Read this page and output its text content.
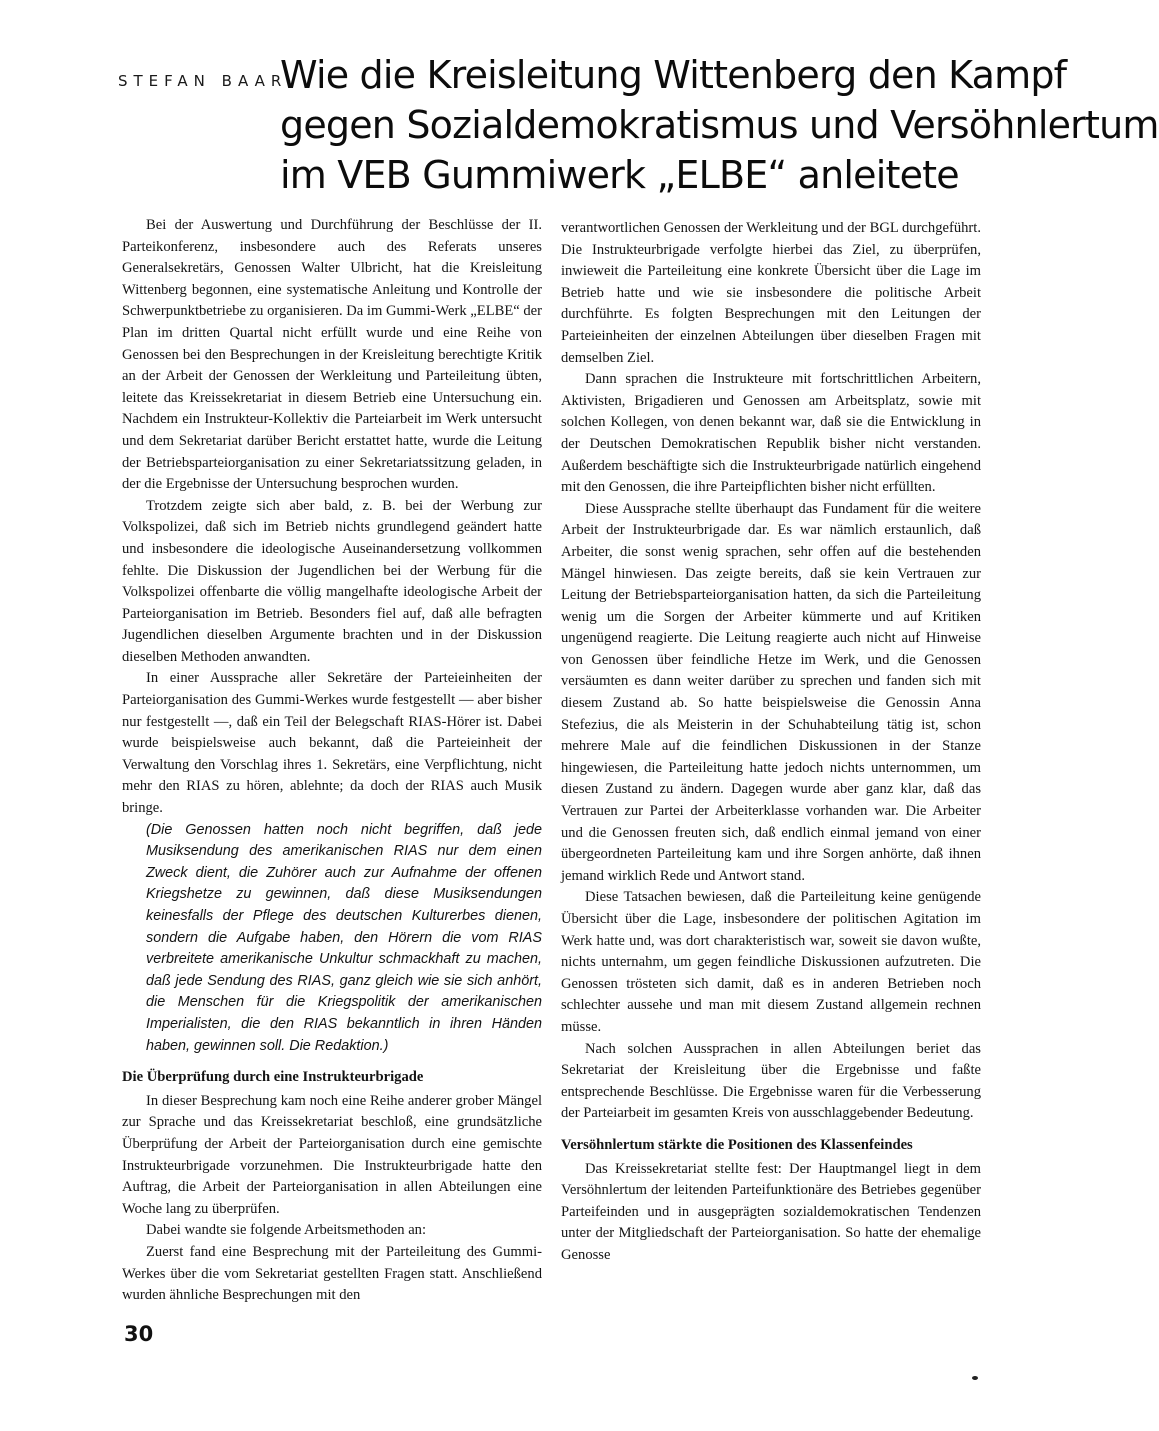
STEFAN BAAR
Wie die Kreisleitung Wittenberg den Kampf
gegen Sozialdemokratismus und Versöhnlertum
im VEB Gummiwerk „ELBE“ anleitete

Bei der Auswertung und Durchführung der Beschlüsse der II. Parteikonferenz, insbesondere auch des Referats unseres Generalsekretärs, Genossen Walter Ulbricht, hat die Kreisleitung Wittenberg begonnen, eine systematische Anleitung und Kontrolle der Schwerpunktbetriebe zu organisieren. Da im Gummi-Werk „ELBE“ der Plan im dritten Quartal nicht erfüllt wurde und eine Reihe von Genossen bei den Besprechungen in der Kreisleitung berechtigte Kritik an der Arbeit der Genossen der Werkleitung und Parteileitung übten, leitete das Kreissekretariat in diesem Betrieb eine Untersuchung ein. Nachdem ein Instrukteur-Kollektiv die Parteiarbeit im Werk untersucht und dem Sekretariat darüber Bericht erstattet hatte, wurde die Leitung der Betriebsparteiorganisation zu einer Sekretariatssitzung geladen, in der die Ergebnisse der Untersuchung besprochen wurden.

Trotzdem zeigte sich aber bald, z. B. bei der Werbung zur Volkspolizei, daß sich im Betrieb nichts grundlegend geändert hatte und insbesondere die ideologische Auseinandersetzung vollkommen fehlte. Die Diskussion der Jugendlichen bei der Werbung für die Volkspolizei offenbarte die völlig mangelhafte ideologische Arbeit der Parteiorganisation im Betrieb. Besonders fiel auf, daß alle befragten Jugendlichen dieselben Argumente brachten und in der Diskussion dieselben Methoden anwandten.

In einer Aussprache aller Sekretäre der Parteieinheiten der Parteiorganisation des Gummi-Werkes wurde festgestellt — aber bisher nur festgestellt —, daß ein Teil der Belegschaft RIAS-Hörer ist. Dabei wurde beispielsweise auch bekannt, daß die Parteieinheit der Verwaltung den Vorschlag ihres 1. Sekretärs, eine Verpflichtung, nicht mehr den RIAS zu hören, ablehnte; da doch der RIAS auch Musik bringe.

(Die Genossen hatten noch nicht begriffen, daß jede Musiksendung des amerikanischen RIAS nur dem einen Zweck dient, die Zuhörer auch zur Aufnahme der offenen Kriegshetze zu gewinnen, daß diese Musiksendungen keinesfalls der Pflege des deutschen Kulturerbes dienen, sondern die Aufgabe haben, den Hörern die vom RIAS verbreitete amerikanische Unkultur schmackhaft zu machen, daß jede Sendung des RIAS, ganz gleich wie sie sich anhört, die Menschen für die Kriegspolitik der amerikanischen Imperialisten, die den RIAS bekanntlich in ihren Händen haben, gewinnen soll. Die Redaktion.)

Die Überprüfung durch eine Instrukteurbrigade

In dieser Besprechung kam noch eine Reihe anderer grober Mängel zur Sprache und das Kreissekretariat beschloß, eine grundsätzliche Überprüfung der Arbeit der Parteiorganisation durch eine gemischte Instrukteurbrigade vorzunehmen. Die Instrukteurbrigade hatte den Auftrag, die Arbeit der Parteiorganisation in allen Abteilungen eine Woche lang zu überprüfen.

Dabei wandte sie folgende Arbeitsmethoden an:

Zuerst fand eine Besprechung mit der Parteileitung des Gummi-Werkes über die vom Sekretariat gestellten Fragen statt. Anschließend wurden ähnliche Besprechungen mit den

verantwortlichen Genossen der Werkleitung und der BGL durchgeführt. Die Instrukteurbrigade verfolgte hierbei das Ziel, zu überprüfen, inwieweit die Parteileitung eine konkrete Übersicht über die Lage im Betrieb hatte und wie sie insbesondere die politische Arbeit durchführte. Es folgten Besprechungen mit den Leitungen der Parteieinheiten der einzelnen Abteilungen über dieselben Fragen mit demselben Ziel.

Dann sprachen die Instrukteure mit fortschrittlichen Arbeitern, Aktivisten, Brigadieren und Genossen am Arbeitsplatz, sowie mit solchen Kollegen, von denen bekannt war, daß sie die Entwicklung in der Deutschen Demokratischen Republik bisher nicht verstanden. Außerdem beschäftigte sich die Instrukteurbrigade natürlich eingehend mit den Genossen, die ihre Parteipflichten bisher nicht erfüllten.

Diese Aussprache stellte überhaupt das Fundament für die weitere Arbeit der Instrukteurbrigade dar. Es war nämlich erstaunlich, daß Arbeiter, die sonst wenig sprachen, sehr offen auf die bestehenden Mängel hinwiesen. Das zeigte bereits, daß sie kein Vertrauen zur Leitung der Betriebsparteiorganisation hatten, da sich die Parteileitung wenig um die Sorgen der Arbeiter kümmerte und auf Kritiken ungenügend reagierte. Die Leitung reagierte auch nicht auf Hinweise von Genossen über feindliche Hetze im Werk, und die Genossen versäumten es dann weiter darüber zu sprechen und fanden sich mit diesem Zustand ab. So hatte beispielsweise die Genossin Anna Stefezius, die als Meisterin in der Schuhabteilung tätig ist, schon mehrere Male auf die feindlichen Diskussionen in der Stanze hingewiesen, die Parteileitung hatte jedoch nichts unternommen, um diesen Zustand zu ändern. Dagegen wurde aber ganz klar, daß das Vertrauen zur Partei der Arbeiterklasse vorhanden war. Die Arbeiter und die Genossen freuten sich, daß endlich einmal jemand von einer übergeordneten Parteileitung kam und ihre Sorgen anhörte, daß ihnen jemand wirklich Rede und Antwort stand.

Diese Tatsachen bewiesen, daß die Parteileitung keine genügende Übersicht über die Lage, insbesondere der politischen Agitation im Werk hatte und, was dort charakteristisch war, soweit sie davon wußte, nichts unternahm, um gegen feindliche Diskussionen aufzutreten. Die Genossen trösteten sich damit, daß es in anderen Betrieben noch schlechter aussehe und man mit diesem Zustand allgemein rechnen müsse.

Nach solchen Aussprachen in allen Abteilungen beriet das Sekretariat der Kreisleitung über die Ergebnisse und faßte entsprechende Beschlüsse. Die Ergebnisse waren für die Verbesserung der Parteiarbeit im gesamten Kreis von ausschlaggebender Bedeutung.

Versöhnlertum stärkte die Positionen des Klassenfeindes

Das Kreissekretariat stellte fest: Der Hauptmangel liegt in dem Versöhnlertum der leitenden Parteifunktionäre des Betriebes gegenüber Parteifeinden und in ausgeprägten sozialdemokratischen Tendenzen unter der Mitgliedschaft der Parteiorganisation. So hatte der ehemalige Genosse

30
